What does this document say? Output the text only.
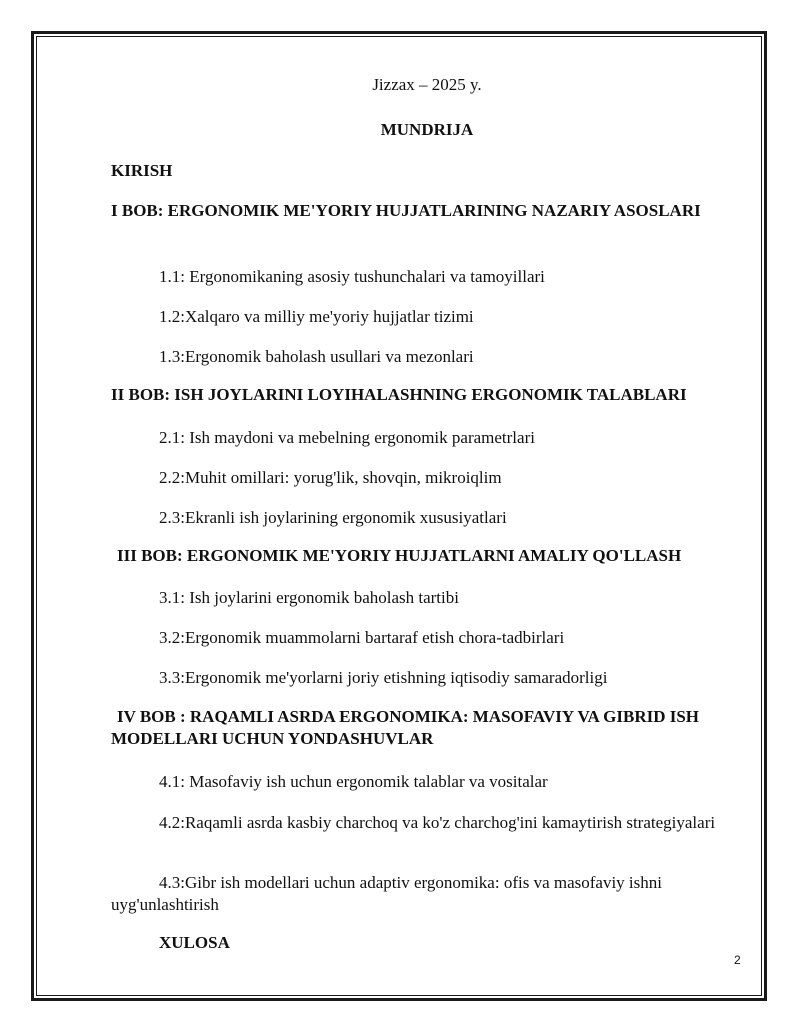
Jizzax – 2025 y.
MUNDRIJA
KIRISH
I BOB: ERGONOMIK ME'YORIY HUJJATLARINING NAZARIY ASOSLARI
1.1: Ergonomikaning asosiy tushunchalari va tamoyillari
1.2:Xalqaro va milliy me'yoriy hujjatlar tizimi
1.3:Ergonomik baholash usullari va mezonlari
II BOB: ISH JOYLARINI LOYIHALASHNING ERGONOMIK TALABLARI
2.1: Ish maydoni va mebelning ergonomik parametrlari
2.2:Muhit omillari: yorug'lik, shovqin, mikroiqlim
2.3:Ekranli ish joylarining ergonomik xususiyatlari
III BOB: ERGONOMIK ME'YORIY HUJJATLARNI AMALIY QO'LLASH
3.1: Ish joylarini ergonomik baholash tartibi
3.2:Ergonomik muammolarni bartaraf etish chora-tadbirlari
3.3:Ergonomik me'yorlarni joriy etishning iqtisodiy samaradorligi
IV BOB : RAQAMLI ASRDA ERGONOMIKA: MASOFAVIY VA GIBRID ISH MODELLARI UCHUN YONDASHUVLAR
4.1: Masofaviy ish uchun ergonomik talablar va vositalar
4.2:Raqamli asrda kasbiy charchoq va ko'z charchog'ini kamaytirish strategiyalari
4.3:Gibr ish modellari uchun adaptiv ergonomika: ofis va masofaviy ishni uyg'unlashtirish
XULOSA
2
